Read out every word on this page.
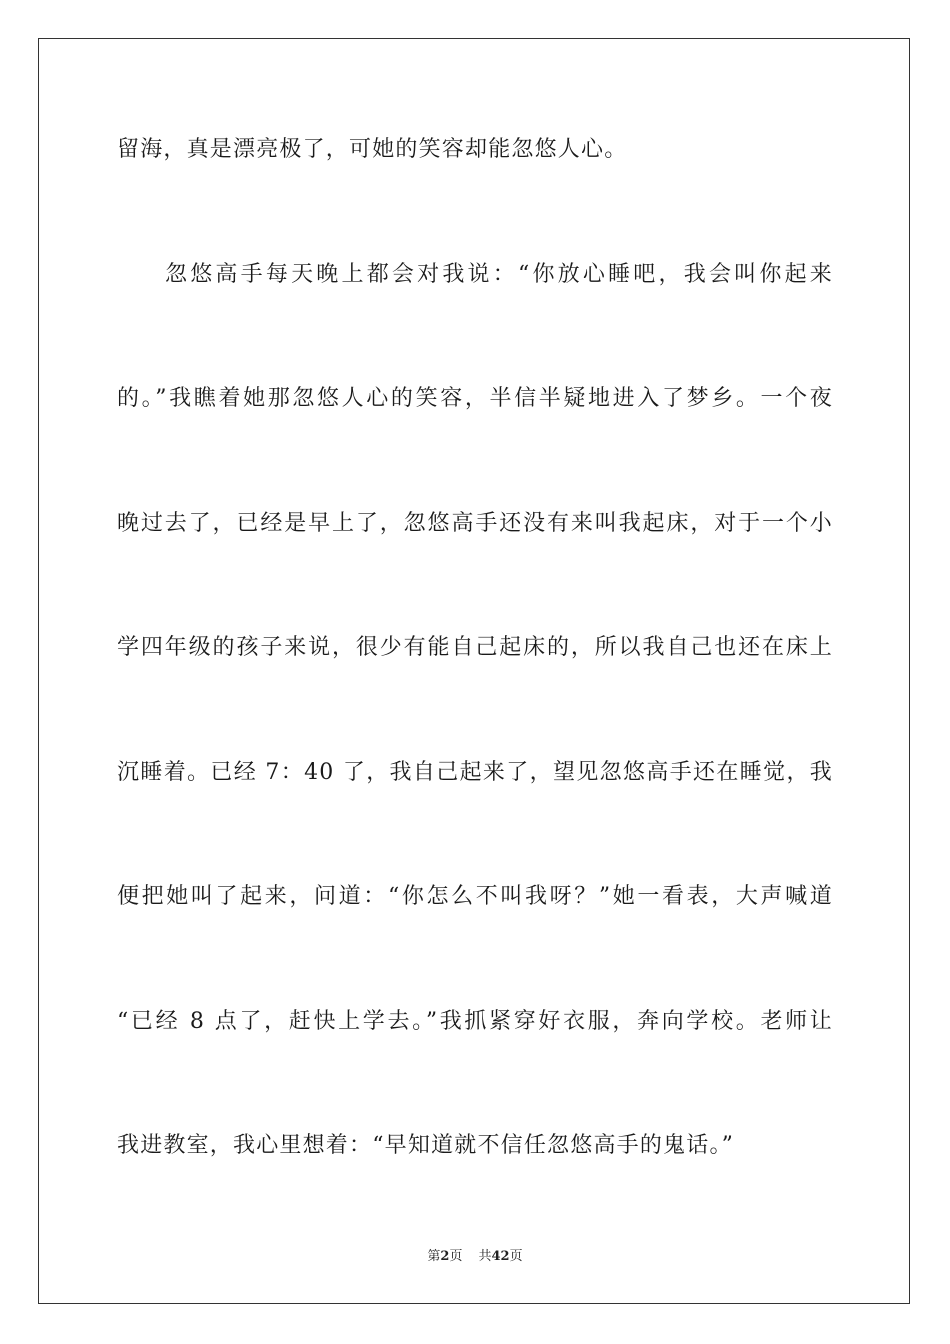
留海，真是漂亮极了，可她的笑容却能忽悠人心。
忽悠高手每天晚上都会对我说：“你放心睡吧，我会叫你起来
的。”我瞧着她那忽悠人心的笑容，半信半疑地进入了梦乡。一个夜
晚过去了，已经是早上了，忽悠高手还没有来叫我起床，对于一个小
学四年级的孩子来说，很少有能自己起床的，所以我自己也还在床上
沉睡着。已经 7：40 了，我自己起来了，望见忽悠高手还在睡觉，我
便把她叫了起来，问道：“你怎么不叫我呀？”她一看表，大声喊道
“已经 8 点了，赶快上学去。”我抓紧穿好衣服，奔向学校。老师让
我进教室，我心里想着：“早知道就不信任忽悠高手的鬼话。”
第2页 共42页
